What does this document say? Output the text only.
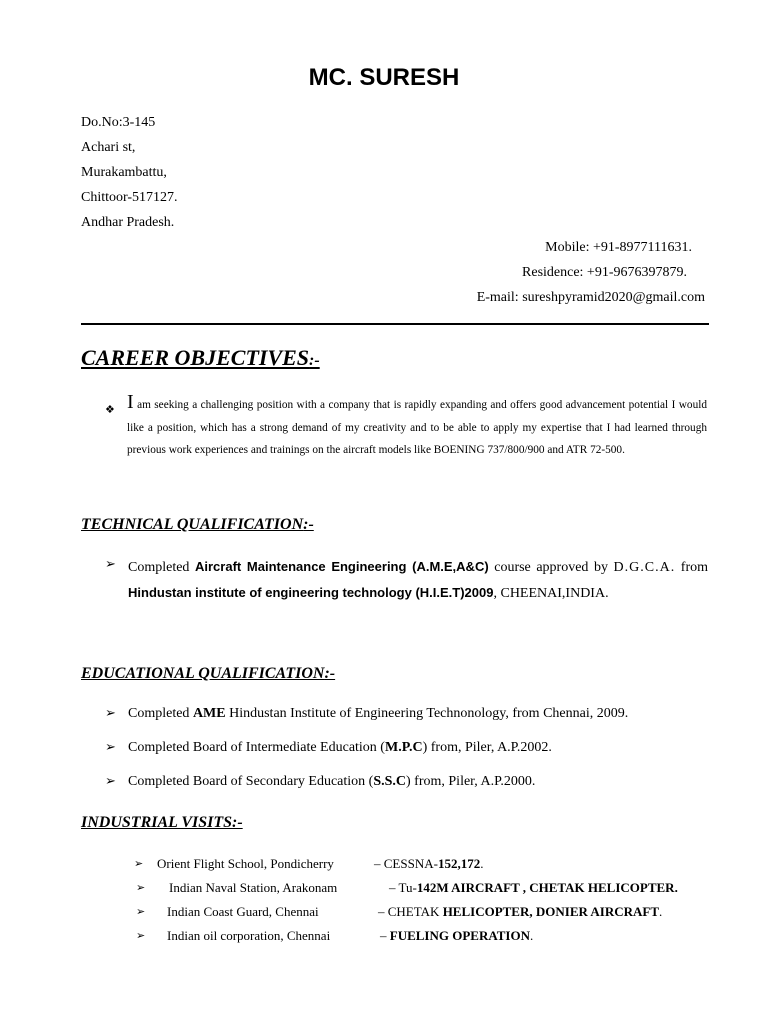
MC. SURESH
Do.No:3-145
Achari st,
Murakambattu,
Chittoor-517127.
Andhar Pradesh.
Mobile: +91-8977111631.
Residence: +91-9676397879.
E-mail: sureshpyramid2020@gmail.com
CAREER OBJECTIVES:-
❖ I am seeking a challenging position with a company that is rapidly expanding and offers good advancement potential I would like a position, which has a strong demand of my creativity and to be able to apply my expertise that I had learned through previous work experiences and trainings on the aircraft models like BOENING 737/800/900 and ATR 72-500.
TECHNICAL QUALIFICATION:-
➢ Completed Aircraft Maintenance Engineering (A.M.E,A&C) course approved by D.G.C.A. from Hindustan institute of engineering technology (H.I.E.T)2009, CHEENAI,INDIA.
EDUCATIONAL QUALIFICATION:-
➢ Completed AME Hindustan Institute of Engineering Technonology, from Chennai, 2009.
➢ Completed Board of Intermediate Education (M.P.C) from, Piler, A.P.2002.
➢ Completed Board of Secondary Education (S.S.C) from, Piler, A.P.2000.
INDUSTRIAL VISITS:-
➢ Orient Flight School, Pondicherry	– CESSNA-152,172.
➢ Indian Naval Station, Arakonam	– Tu-142M AIRCRAFT , CHETAK HELICOPTER.
➢ Indian Coast Guard, Chennai	– CHETAK HELICOPTER, DONIER AIRCRAFT.
➢ Indian oil corporation, Chennai	– FUELING OPERATION.
